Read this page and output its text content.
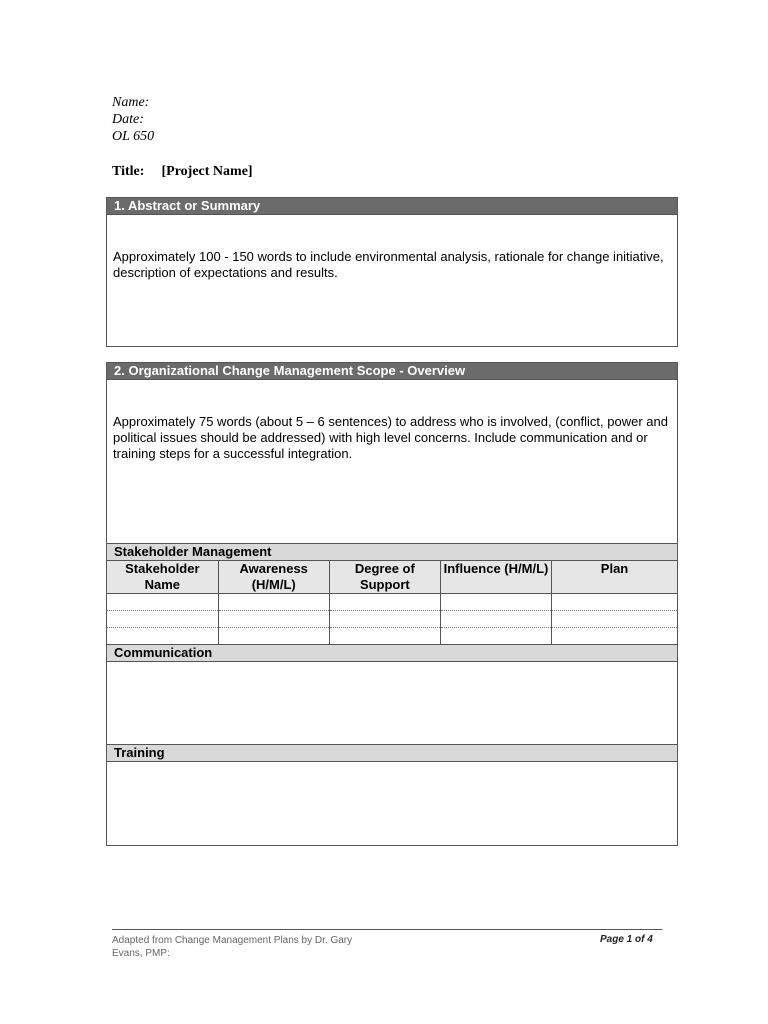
Name:
Date:
OL 650
Title: [Project Name]
1. Abstract or Summary
Approximately 100 - 150 words to include environmental analysis, rationale for change initiative, description of expectations and results.
2. Organizational Change Management Scope - Overview
Approximately 75 words (about 5 – 6 sentences) to address who is involved, (conflict, power and political issues should be addressed) with high level concerns. Include communication and or training steps for a successful integration.
Stakeholder Management
Stakeholder Name	Awareness (H/M/L)	Degree of Support	Influence (H/M/L)	Plan

Communication
Training
Adapted from Change Management Plans by Dr. Gary Evans, PMP:
Page 1 of 4
